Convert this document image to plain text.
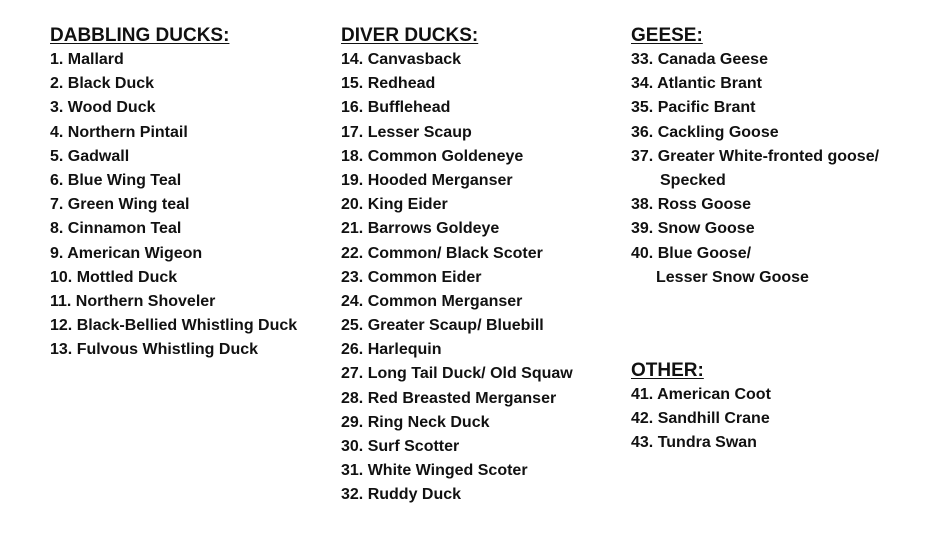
DABBLING DUCKS:
1. Mallard
2. Black Duck
3. Wood Duck
4. Northern Pintail
5. Gadwall
6. Blue Wing Teal
7. Green Wing teal
8. Cinnamon Teal
9. American Wigeon
10. Mottled Duck
11. Northern Shoveler
12. Black-Bellied Whistling Duck
13. Fulvous Whistling Duck
DIVER DUCKS:
14. Canvasback
15. Redhead
16. Bufflehead
17. Lesser Scaup
18. Common Goldeneye
19. Hooded Merganser
20. King Eider
21. Barrows Goldeye
22. Common/ Black Scoter
23. Common Eider
24. Common Merganser
25. Greater Scaup/ Bluebill
26. Harlequin
27. Long Tail Duck/ Old Squaw
28. Red Breasted Merganser
29. Ring Neck Duck
30. Surf Scotter
31. White Winged Scoter
32. Ruddy Duck
GEESE:
33. Canada Geese
34. Atlantic Brant
35. Pacific Brant
36. Cackling Goose
37. Greater White-fronted goose/
Specked
38. Ross Goose
39. Snow Goose
40. Blue Goose/
Lesser Snow Goose
OTHER:
41. American Coot
42. Sandhill Crane
43. Tundra Swan
